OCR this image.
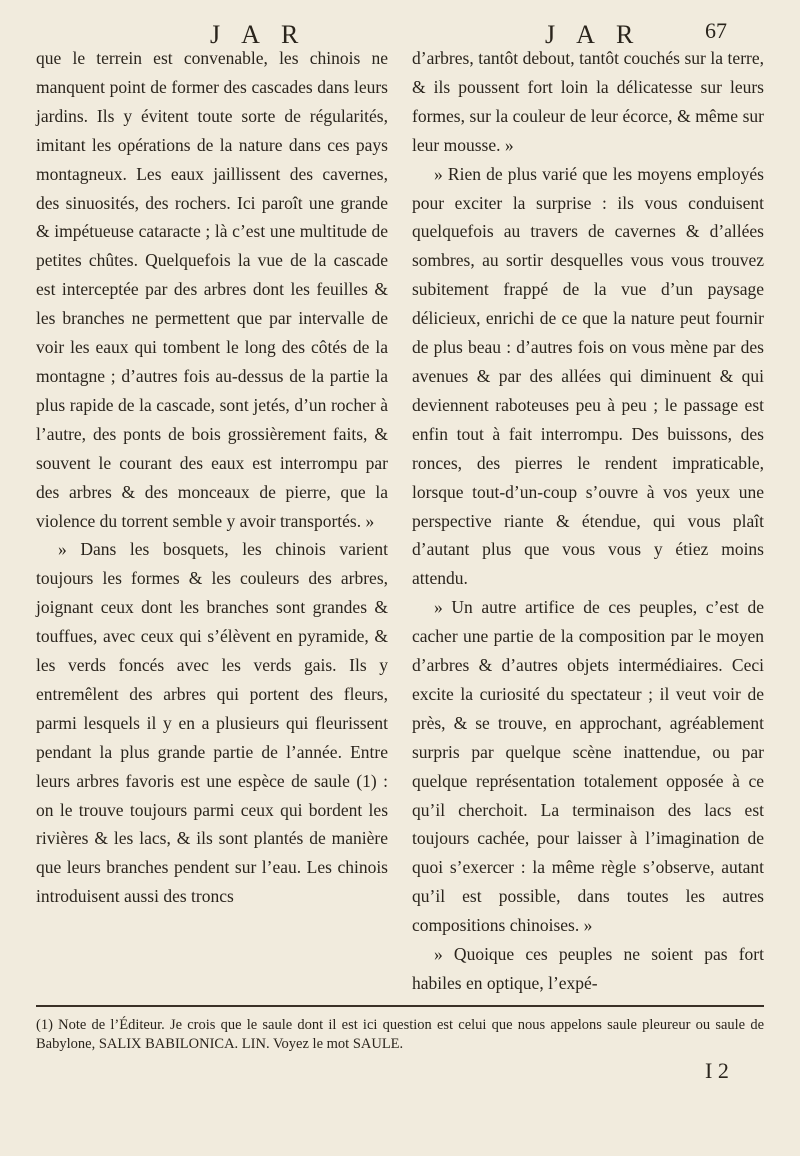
J A R	J A R	67

que le terrein est convenable, les chinois ne manquent point de former des cascades dans leurs jardins. Ils y évitent toute sorte de régularités, imitant les opérations de la nature dans ces pays montagneux. Les eaux jaillissent des cavernes, des sinuosités, des rochers. Ici paroît une grande & impétueuse cataracte ; là c’est une multitude de petites chûtes. Quelquefois la vue de la cascade est interceptée par des arbres dont les feuilles & les branches ne permettent que par intervalle de voir les eaux qui tombent le long des côtés de la montagne ; d’autres fois au-dessus de la partie la plus rapide de la cascade, sont jetés, d’un rocher à l’autre, des ponts de bois grossièrement faits, & souvent le courant des eaux est interrompu par des arbres & des monceaux de pierre, que la violence du torrent semble y avoir transportés. »

» Dans les bosquets, les chinois varient toujours les formes & les couleurs des arbres, joignant ceux dont les branches sont grandes & touffues, avec ceux qui s’élèvent en pyramide, & les verds foncés avec les verds gais. Ils y entremêlent des arbres qui portent des fleurs, parmi lesquels il y en a plusieurs qui fleurissent pendant la plus grande partie de l’année. Entre leurs arbres favoris est une espèce de saule (1) : on le trouve toujours parmi ceux qui bordent les rivières & les lacs, & ils sont plantés de manière que leurs branches pendent sur l’eau. Les chinois introduisent aussi des troncs

d’arbres, tantôt debout, tantôt couchés sur la terre, & ils poussent fort loin la délicatesse sur leurs formes, sur la couleur de leur écorce, & même sur leur mousse. »

» Rien de plus varié que les moyens employés pour exciter la surprise : ils vous conduisent quelquefois au travers de cavernes & d’allées sombres, au sortir desquelles vous vous trouvez subitement frappé de la vue d’un paysage délicieux, enrichi de ce que la nature peut fournir de plus beau : d’autres fois on vous mène par des avenues & par des allées qui diminuent & qui deviennent raboteuses peu à peu ; le passage est enfin tout à fait interrompu. Des buissons, des ronces, des pierres le rendent impraticable, lorsque tout-d’un-coup s’ouvre à vos yeux une perspective riante & étendue, qui vous plaît d’autant plus que vous vous y étiez moins attendu.

» Un autre artifice de ces peuples, c’est de cacher une partie de la composition par le moyen d’arbres & d’autres objets intermédiaires. Ceci excite la curiosité du spectateur ; il veut voir de près, & se trouve, en approchant, agréablement surpris par quelque scène inattendue, ou par quelque représentation totalement opposée à ce qu’il cherchoit. La terminaison des lacs est toujours cachée, pour laisser à l’imagination de quoi s’exercer : la même règle s’observe, autant qu’il est possible, dans toutes les autres compositions chinoises. »

» Quoique ces peuples ne soient pas fort habiles en optique, l’expé-

(1) Note de l’Éditeur. Je crois que le saule dont il est ici question est celui que nous appelons saule pleureur ou saule de Babylone, SALIX BABILONICA. LIN. Voyez le mot SAULE.
I 2
